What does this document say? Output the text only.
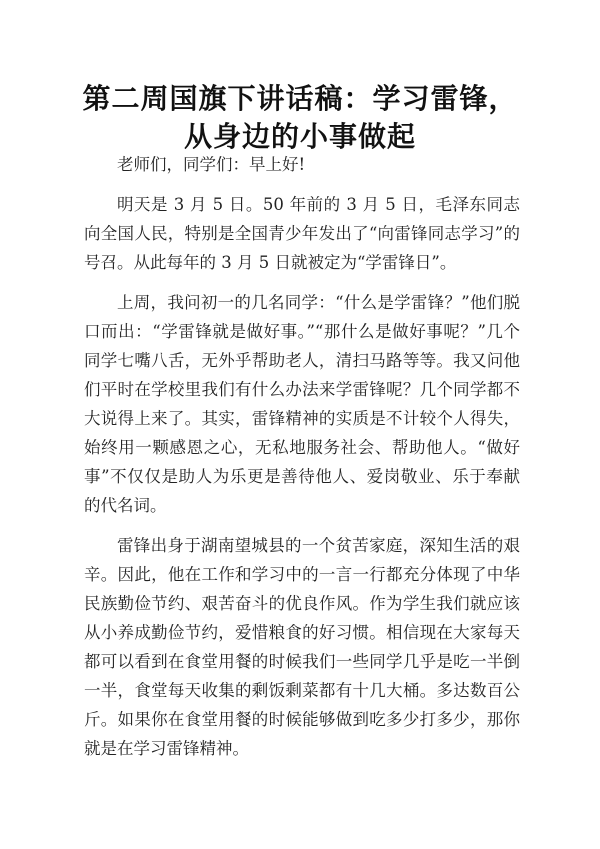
第二周国旗下讲话稿：学习雷锋，从身边的小事做起

老师们，同学们：早上好!

明天是 3 月 5 日。50 年前的 3 月 5 日，毛泽东同志向全国人民，特别是全国青少年发出了“向雷锋同志学习”的号召。从此每年的 3 月 5 日就被定为“学雷锋日”。

上周，我问初一的几名同学：“什么是学雷锋？”他们脱口而出：“学雷锋就是做好事。”“那什么是做好事呢？”几个同学七嘴八舌，无外乎帮助老人，清扫马路等等。我又问他们平时在学校里我们有什么办法来学雷锋呢？几个同学都不大说得上来了。其实，雷锋精神的实质是不计较个人得失，始终用一颗感恩之心，无私地服务社会、帮助他人。“做好事”不仅仅是助人为乐更是善待他人、爱岗敬业、乐于奉献的代名词。

雷锋出身于湖南望城县的一个贫苦家庭，深知生活的艰辛。因此，他在工作和学习中的一言一行都充分体现了中华民族勤俭节约、艰苦奋斗的优良作风。作为学生我们就应该从小养成勤俭节约，爱惜粮食的好习惯。相信现在大家每天都可以看到在食堂用餐的时候我们一些同学几乎是吃一半倒一半，食堂每天收集的剩饭剩菜都有十几大桶。多达数百公斤。如果你在食堂用餐的时候能够做到吃多少打多少，那你就是在学习雷锋精神。
